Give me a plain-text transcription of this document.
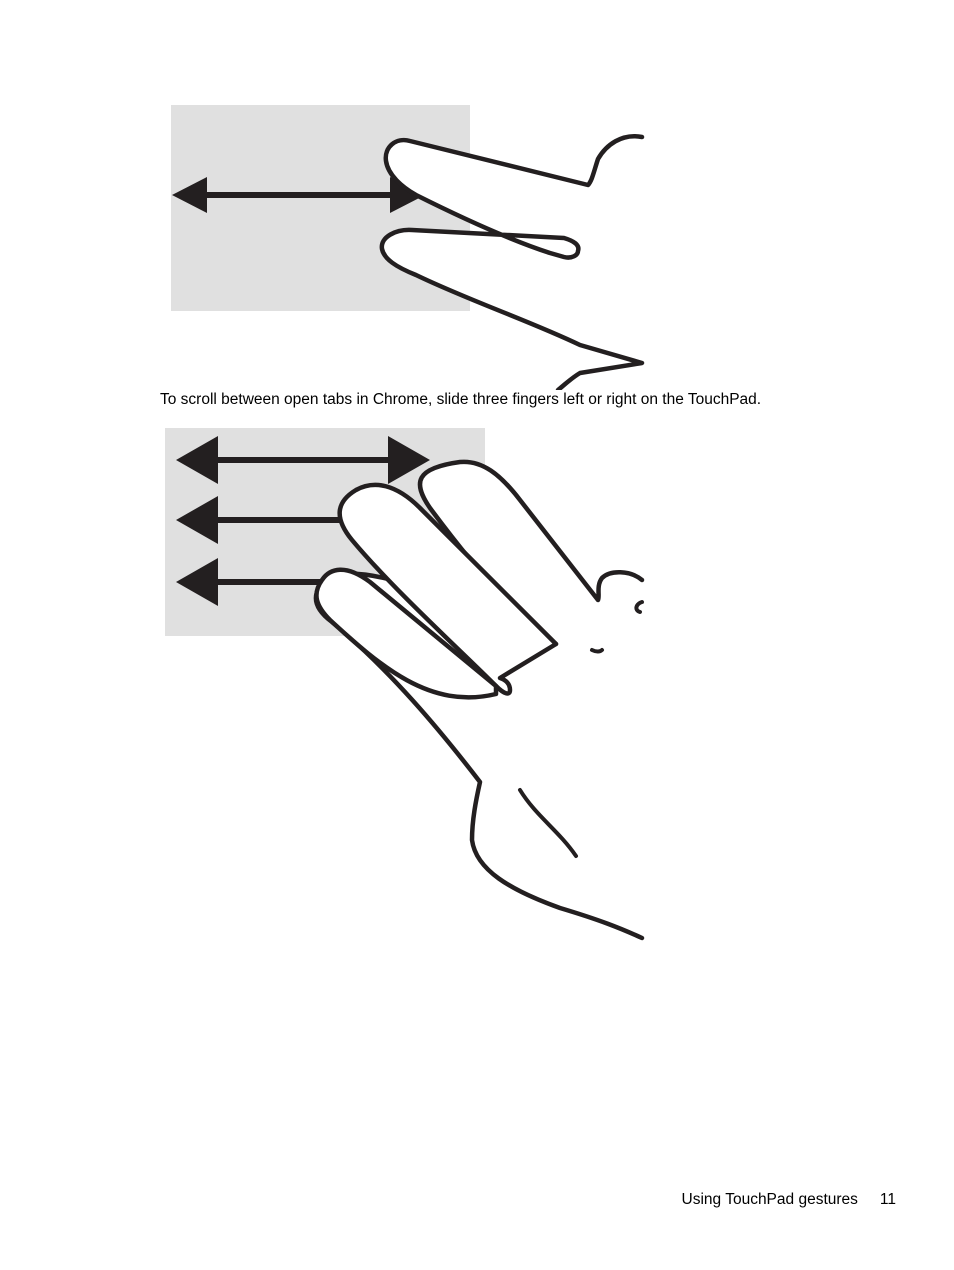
To scroll between open tabs in Chrome, slide three fingers left or right on the TouchPad.
Using TouchPad gestures 11
